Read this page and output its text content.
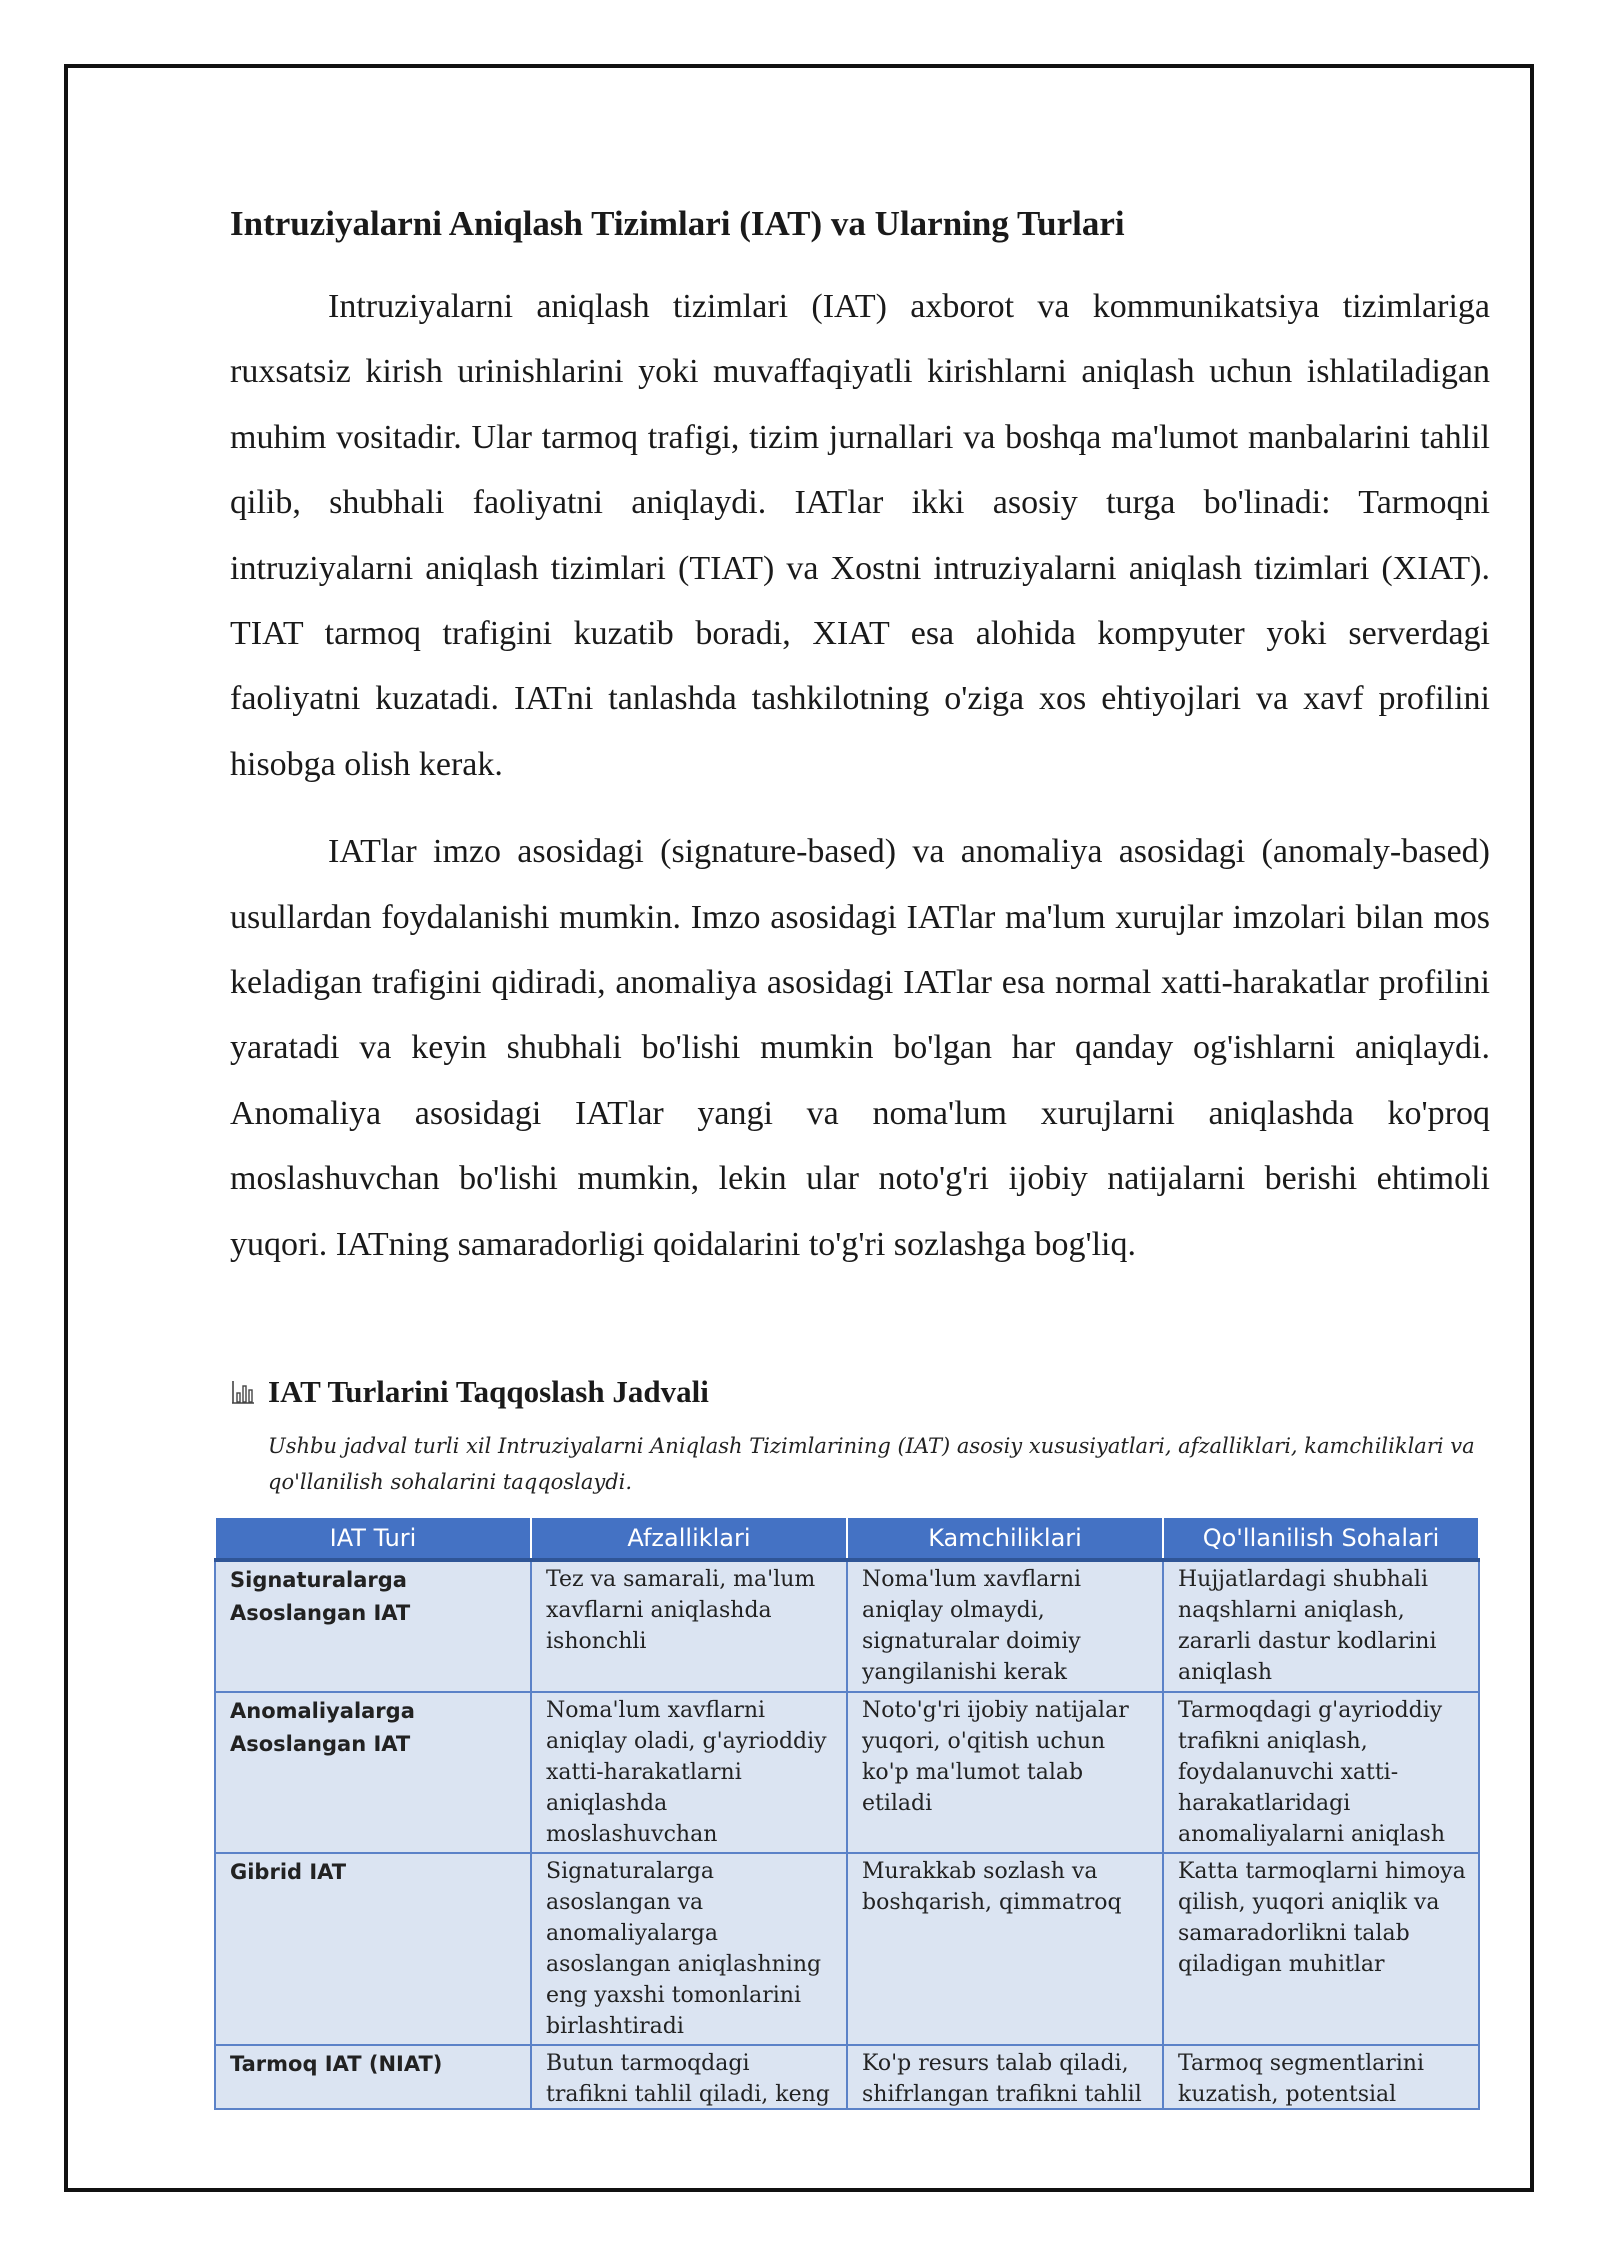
Intruziyalarni Aniqlash Tizimlari (IAT) va Ularning Turlari

Intruziyalarni aniqlash tizimlari (IAT) axborot va kommunikatsiya tizimlariga ruxsatsiz kirish urinishlarini yoki muvaffaqiyatli kirishlarni aniqlash uchun ishlatiladigan muhim vositadir. Ular tarmoq trafigi, tizim jurnallari va boshqa ma'lumot manbalarini tahlil qilib, shubhali faoliyatni aniqlaydi. IATlar ikki asosiy turga bo'linadi: Tarmoqni intruziyalarni aniqlash tizimlari (TIAT) va Xostni intruziyalarni aniqlash tizimlari (XIAT). TIAT tarmoq trafigini kuzatib boradi, XIAT esa alohida kompyuter yoki serverdagi faoliyatni kuzatadi. IATni tanlashda tashkilotning o'ziga xos ehtiyojlari va xavf profilini hisobga olish kerak.

IATlar imzo asosidagi (signature-based) va anomaliya asosidagi (anomaly-based) usullardan foydalanishi mumkin. Imzo asosidagi IATlar ma'lum xurujlar imzolari bilan mos keladigan trafigini qidiradi, anomaliya asosidagi IATlar esa normal xatti-harakatlar profilini yaratadi va keyin shubhali bo'lishi mumkin bo'lgan har qanday og'ishlarni aniqlaydi. Anomaliya asosidagi IATlar yangi va noma'lum xurujlarni aniqlashda ko'proq moslashuvchan bo'lishi mumkin, lekin ular noto'g'ri ijobiy natijalarni berishi ehtimoli yuqori. IATning samaradorligi qoidalarini to'g'ri sozlashga bog'liq.

IAT Turlarini Taqqoslash Jadvali
Ushbu jadval turli xil Intruziyalarni Aniqlash Tizimlarining (IAT) asosiy xususiyatlari, afzalliklari, kamchiliklari va qo'llanilish sohalarini taqqoslaydi.
IAT Turi	Afzalliklari	Kamchiliklari	Qo'llanilish Sohalari
Signaturalarga Asoslangan IAT	Tez va samarali, ma'lum xavflarni aniqlashda ishonchli	Noma'lum xavflarni aniqlay olmaydi, signaturalar doimiy yangilanishi kerak	Hujjatlardagi shubhali naqshlarni aniqlash, zararli dastur kodlarini aniqlash
Anomaliyalarga Asoslangan IAT	Noma'lum xavflarni aniqlay oladi, g'ayrioddiy xatti-harakatlarni aniqlashda moslashuvchan	Noto'g'ri ijobiy natijalar yuqori, o'qitish uchun ko'p ma'lumot talab etiladi	Tarmoqdagi g'ayrioddiy trafikni aniqlash, foydalanuvchi xatti-harakatlaridagi anomaliyalarni aniqlash
Gibrid IAT	Signaturalarga asoslangan va anomaliyalarga asoslangan aniqlashning eng yaxshi tomonlarini birlashtiradi	Murakkab sozlash va boshqarish, qimmatroq	Katta tarmoqlarni himoya qilish, yuqori aniqlik va samaradorlikni talab qiladigan muhitlar

Tarmoq IAT (NIAT)	Butun tarmoqdagi trafikni tahlil qiladi, keng	Ko'p resurs talab qiladi, shifrlangan trafikni tahlil	Tarmoq segmentlarini kuzatish, potentsial
